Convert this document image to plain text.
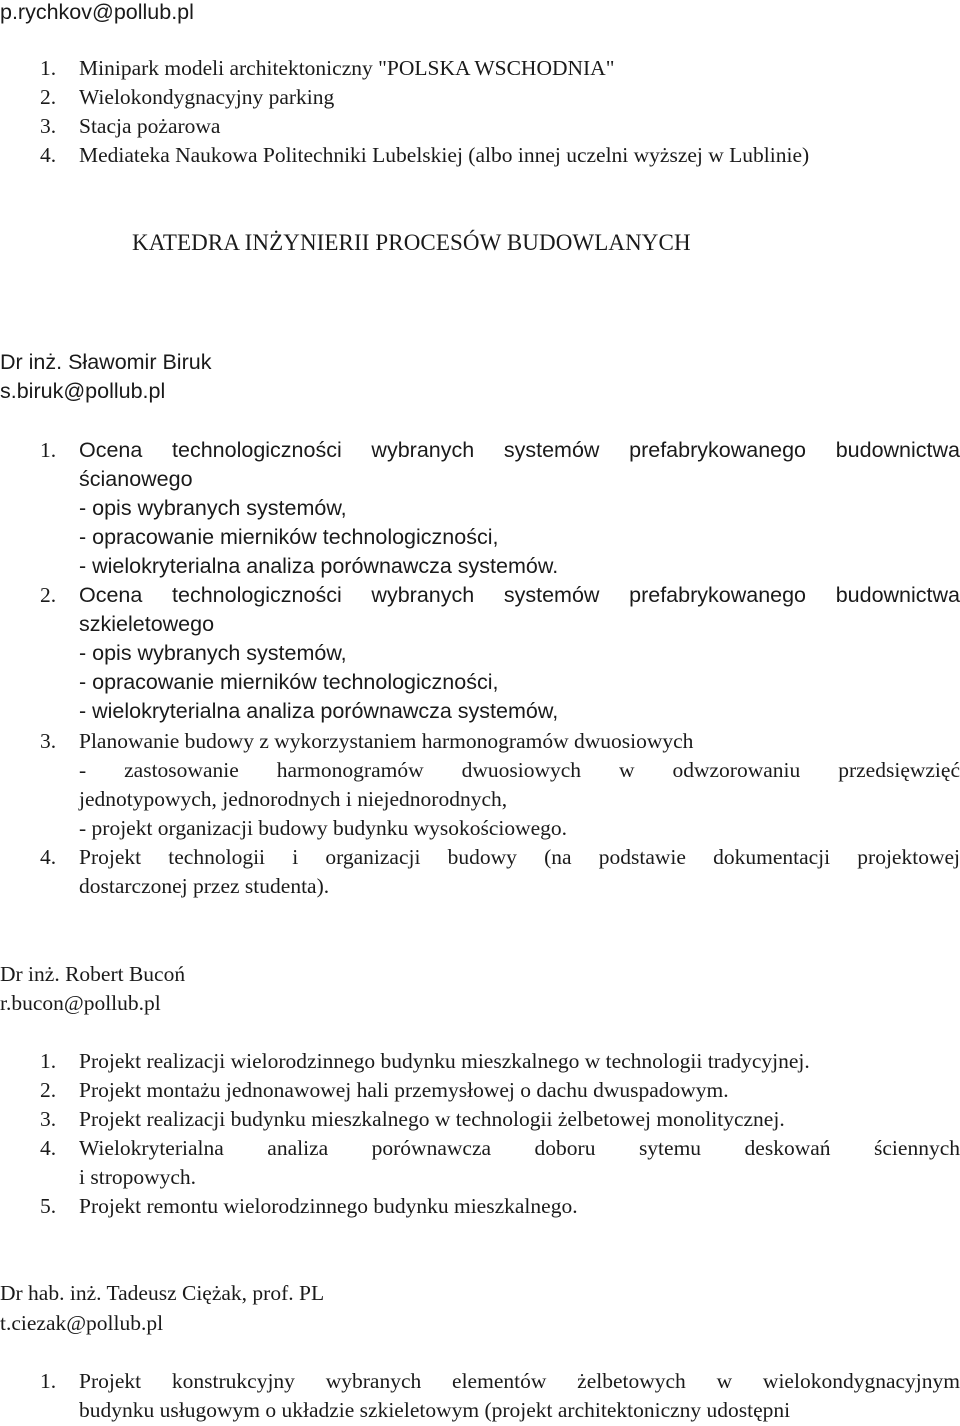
p.rychkov@pollub.pl
1. Minipark modeli architektoniczny "POLSKA WSCHODNIA"
2. Wielokondygnacyjny parking
3. Stacja pożarowa
4. Mediateka Naukowa Politechniki Lubelskiej (albo innej uczelni wyższej w Lublinie)
KATEDRA INŻYNIERII PROCESÓW BUDOWLANYCH
Dr inż. Sławomir Biruk
s.biruk@pollub.pl
1. Ocena technologiczności wybranych systemów prefabrykowanego budownictwa
ścianowego
- opis wybranych systemów,
- opracowanie mierników technologiczności,
- wielokryterialna analiza porównawcza systemów.
2. Ocena technologiczności wybranych systemów prefabrykowanego budownictwa
szkieletowego
- opis wybranych systemów,
- opracowanie mierników technologiczności,
- wielokryterialna analiza porównawcza systemów,
3. Planowanie budowy z wykorzystaniem harmonogramów dwuosiowych
- zastosowanie harmonogramów dwuosiowych w odwzorowaniu przedsięwzięć
jednotypowych, jednorodnych i niejednorodnych,
- projekt organizacji budowy budynku wysokościowego.
4. Projekt technologii i organizacji budowy (na podstawie dokumentacji projektowej
dostarczonej przez studenta).
Dr inż. Robert Bucoń
r.bucon@pollub.pl
1. Projekt realizacji wielorodzinnego budynku mieszkalnego w technologii tradycyjnej.
2. Projekt montażu jednonawowej hali przemysłowej o dachu dwuspadowym.
3. Projekt realizacji budynku mieszkalnego w technologii żelbetowej monolitycznej.
4. Wielokryterialna analiza porównawcza doboru sytemu deskowań ściennych
i stropowych.
5. Projekt remontu wielorodzinnego budynku mieszkalnego.
Dr hab. inż. Tadeusz Ciężak, prof. PL
t.ciezak@pollub.pl
1. Projekt konstrukcyjny wybranych elementów żelbetowych w wielokondygnacyjnym
budynku usługowym o układzie szkieletowym (projekt architektoniczny udostępni
